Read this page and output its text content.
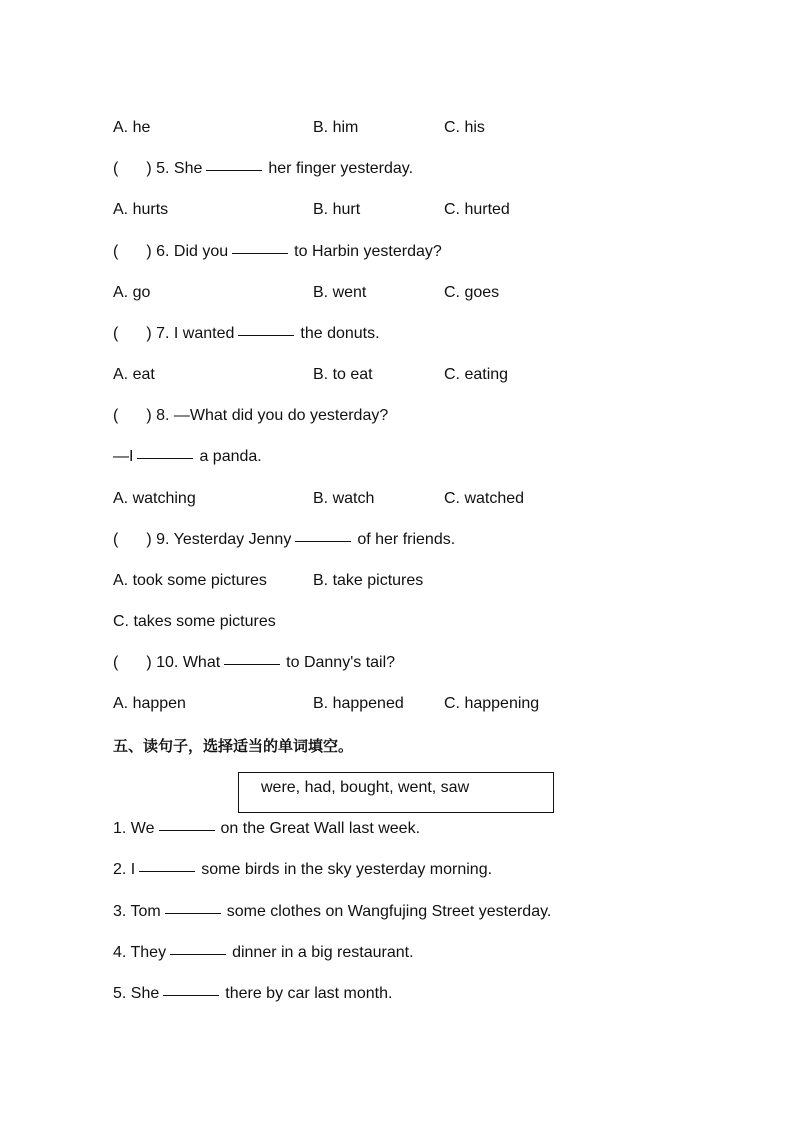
A. he	B. him	C. his
( ) 5. She	her finger yesterday.
A. hurts	B. hurt	C. hurted
( ) 6. Did you	to Harbin yesterday?
A. go	B. went	C. goes
( ) 7. I wanted	the donuts.
A. eat	B. to eat	C. eating
( ) 8. —What did you do yesterday?
—I	a panda.
A. watching	B. watch	C. watched
( ) 9. Yesterday Jenny	of her friends.
A. took some pictures	B. take pictures
C. takes some pictures
( ) 10. What	to Danny's tail?
A. happen	B. happened	C. happening
五、读句子，选择适当的单词填空。
were, had, bought, went, saw
1. We	on the Great Wall last week.
2. I	some birds in the sky yesterday morning.
3. Tom	some clothes on Wangfujing Street yesterday.
4. They	dinner in a big restaurant.
5. She	there by car last month.
